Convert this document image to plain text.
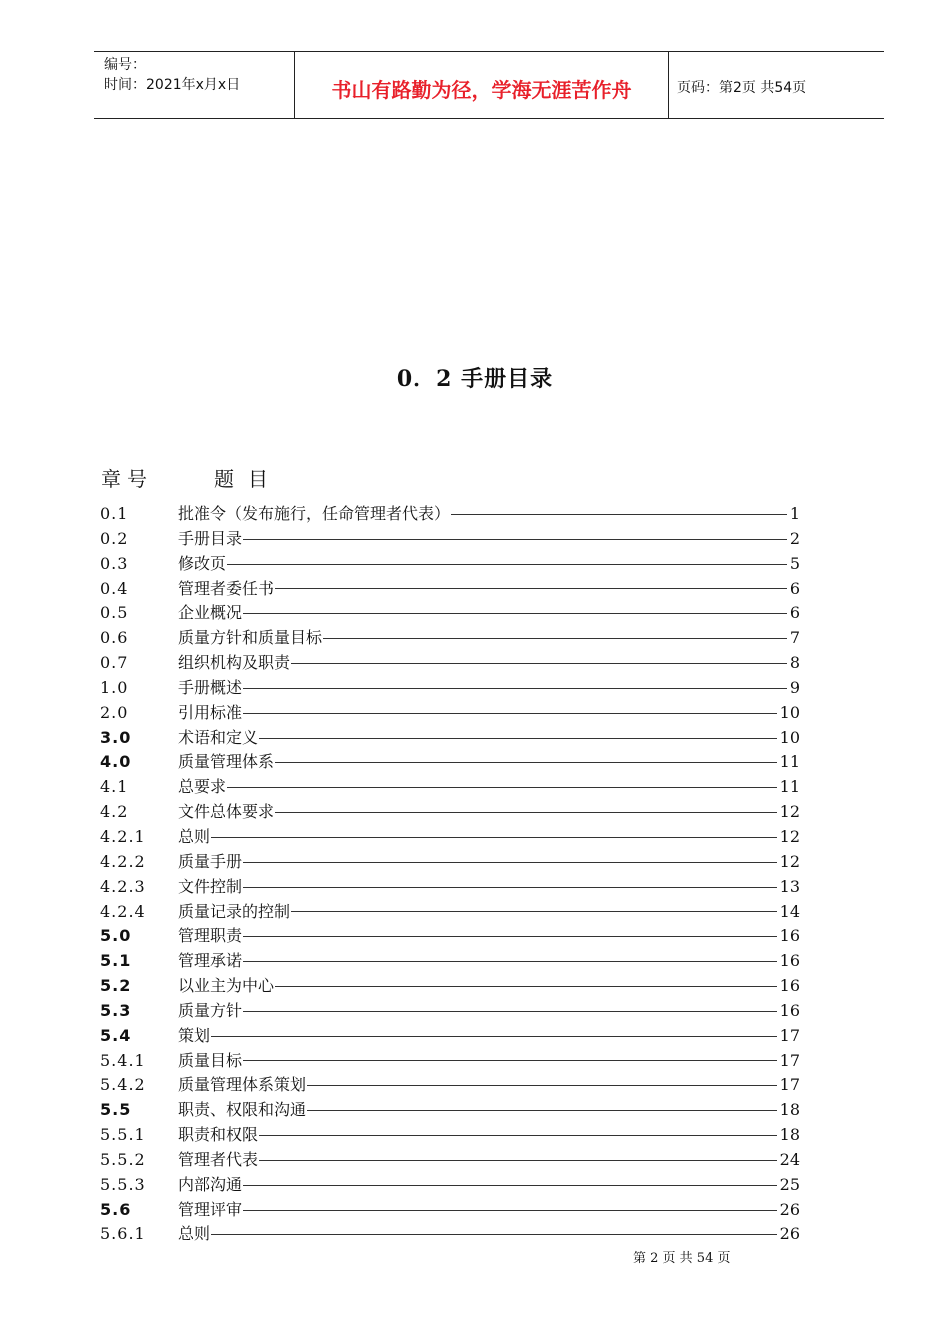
编号：
时间：2021年x月x日	书山有路勤为径，学海无涯苦作舟	页码：第2页 共54页
0．2 手册目录
章号	题目
0.1	批准令（发布施行，任命管理者代表）	1
0.2	手册目录	2
0.3	修改页	5
0.4	管理者委任书	6
0.5	企业概况	6
0.6	质量方针和质量目标	7
0.7	组织机构及职责	8
1.0	手册概述	9
2.0	引用标准	10
3.0	术语和定义	10
4.0	质量管理体系	11
4.1	总要求	11
4.2	文件总体要求	12
4.2.1	总则	12
4.2.2	质量手册	12
4.2.3	文件控制	13
4.2.4	质量记录的控制	14
5.0	管理职责	16
5.1	管理承诺	16
5.2	以业主为中心	16
5.3	质量方针	16
5.4	策划	17
5.4.1	质量目标	17
5.4.2	质量管理体系策划	17
5.5	职责、权限和沟通	18
5.5.1	职责和权限	18
5.5.2	管理者代表	24
5.5.3	内部沟通	25
5.6	管理评审	26
5.6.1	总则	26
第 2 页 共 54 页
